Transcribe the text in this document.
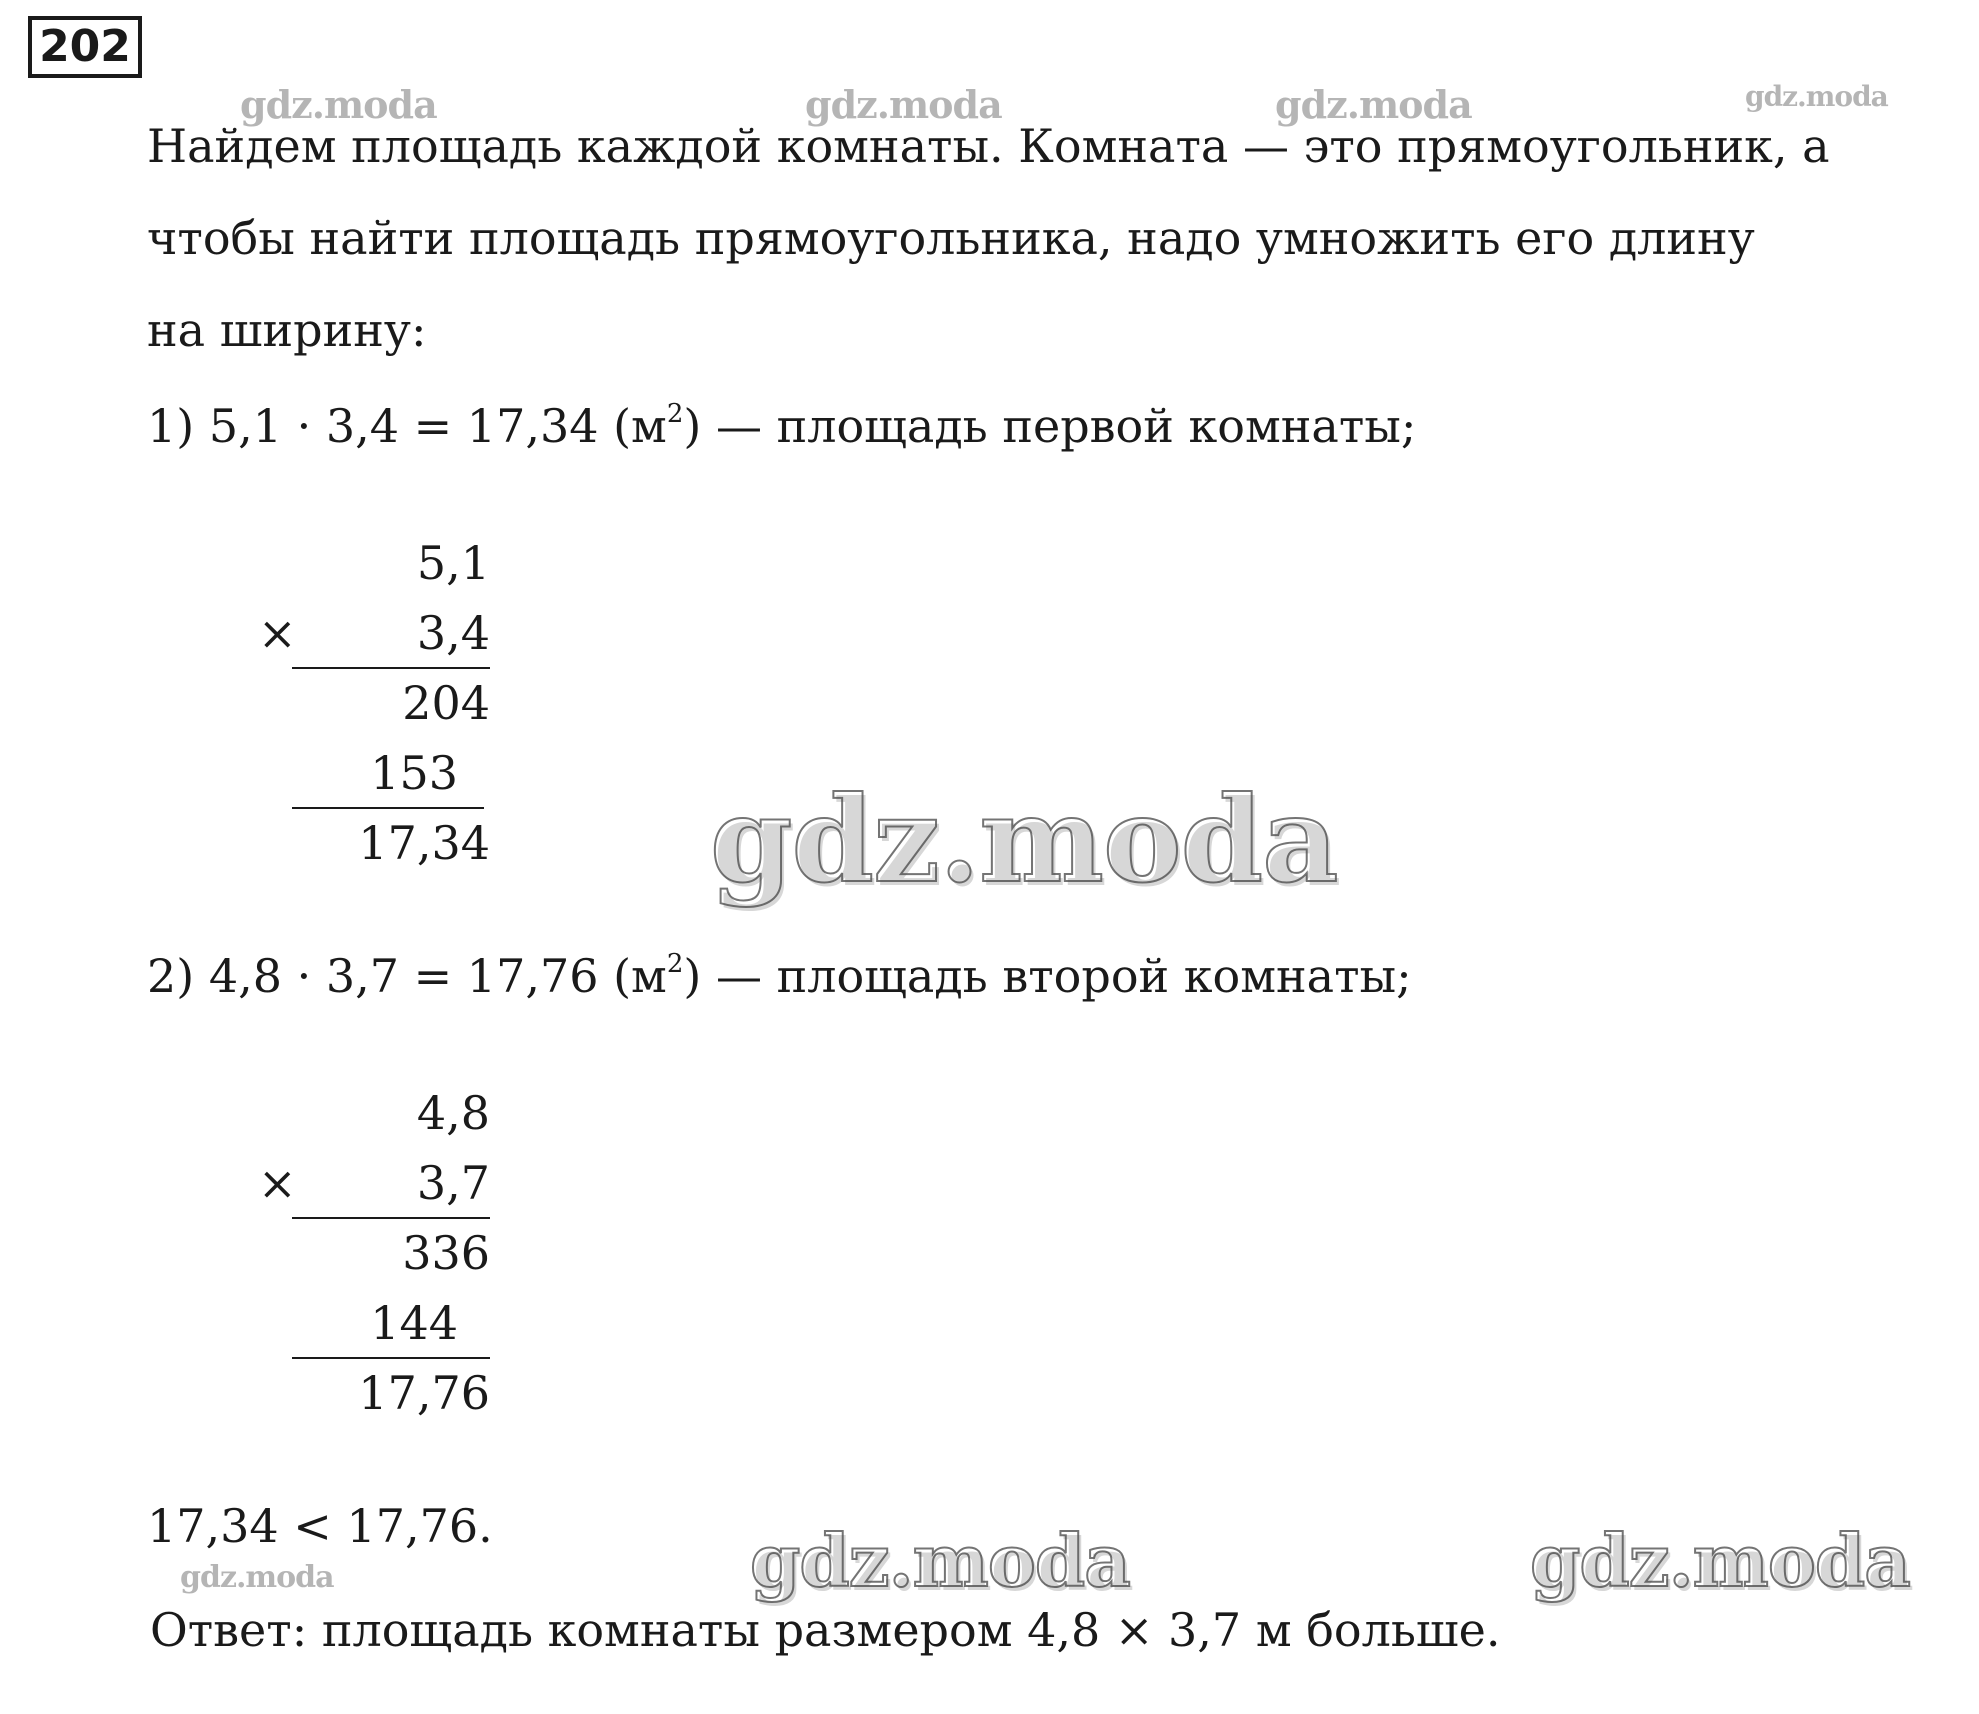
202
gdz.moda	gdz.moda	gdz.moda	gdz.moda
Найдем площадь каждой комнаты. Комната — это прямоугольник, а
чтобы найти площадь прямоугольника, надо умножить его длину
на ширину:
1) 5,1 · 3,4 = 17,34 $(м^2)$ — площадь первой комнаты;
5,1
×	3,4
204
153
17,34 gdz.moda
2) 4,8 · 3,7 = 17,76 $(м^2)$ — площадь второй комнаты;
4,8
×	3,7
336
144
17,76
17,34 < 17,76.
gdz.moda	gdz.moda	gdz.moda
Ответ: площадь комнаты размером 4,8 × 3,7 м больше.
